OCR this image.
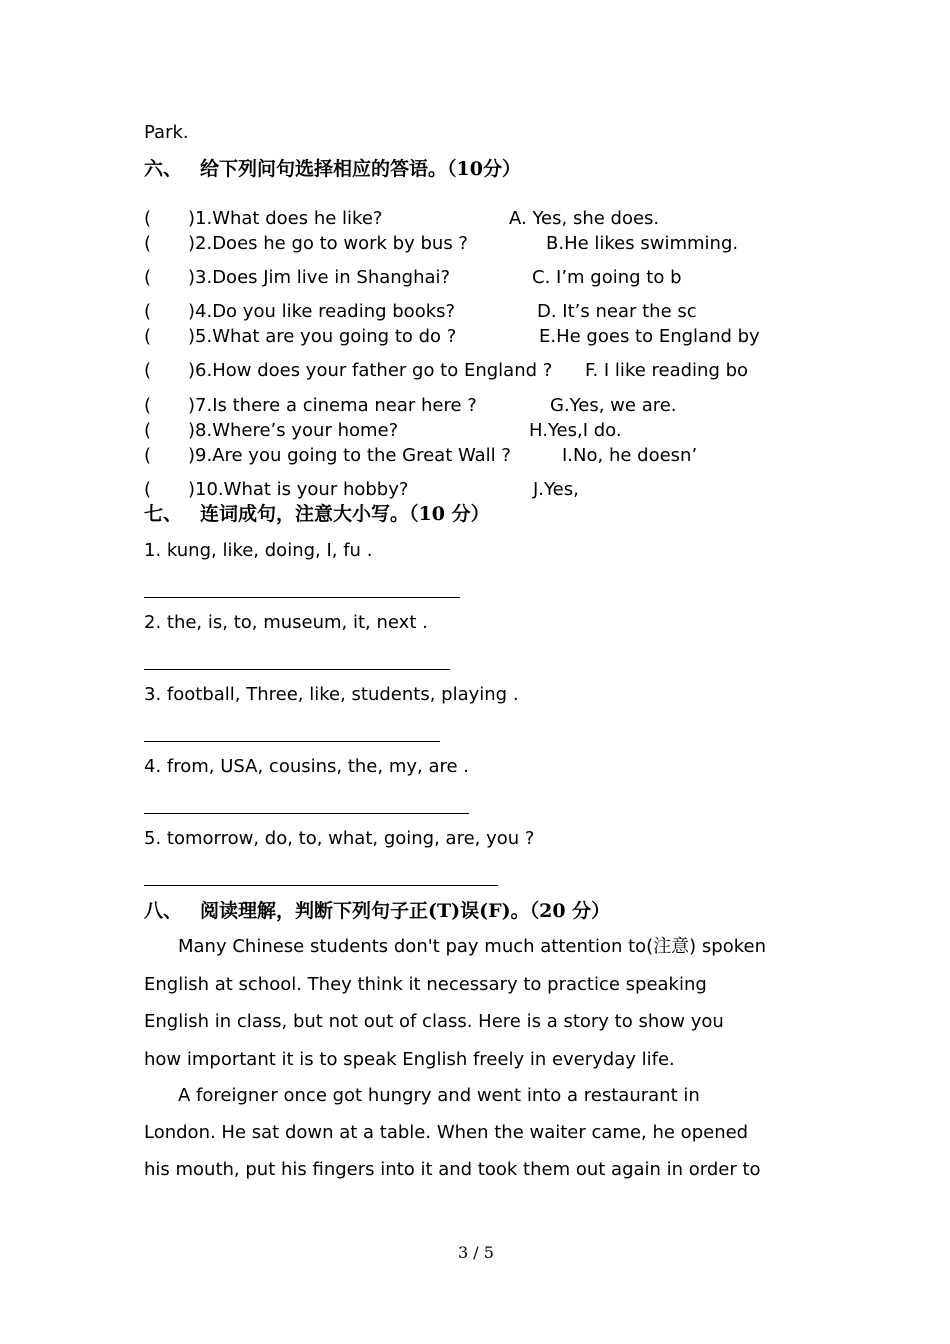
Park.
六、 给下列问句选择相应的答语。（10分）
( )1.What does he like?	A. Yes, she does.
( )2.Does he go to work by bus ?	B.He likes swimming.
( )3.Does Jim live in Shanghai?	C. I’m going to b
( )4.Do you like reading books?	D. It’s near the sc
( )5.What are you going to do ?	E.He goes to England by
( )6.How does your father go to England ? F. I like reading bo
( )7.Is there a cinema near here ?	G.Yes, we are.
( )8.Where’s your home?	H.Yes,I do.
( )9.Are you going to the Great Wall ?	I.No, he doesn’
( )10.What is your hobby?	J.Yes,
七、 连词成句，注意大小写。（10 分）
1. kung, like, doing, I, fu .
2. the, is, to, museum, it, next .
3. football, Three, like, students, playing .
4. from, USA, cousins, the, my, are .
5. tomorrow, do, to, what, going, are, you ?
八、 阅读理解，判断下列句子正(T)误(F)。（20 分）
Many Chinese students don't pay much attention to(注意) spoken
English at school. They think it necessary to practice speaking
English in class, but not out of class. Here is a story to show you
how important it is to speak English freely in everyday life.
A foreigner once got hungry and went into a restaurant in
London. He sat down at a table. When the waiter came, he opened
his mouth, put his fingers into it and took them out again in order to
3 / 5
